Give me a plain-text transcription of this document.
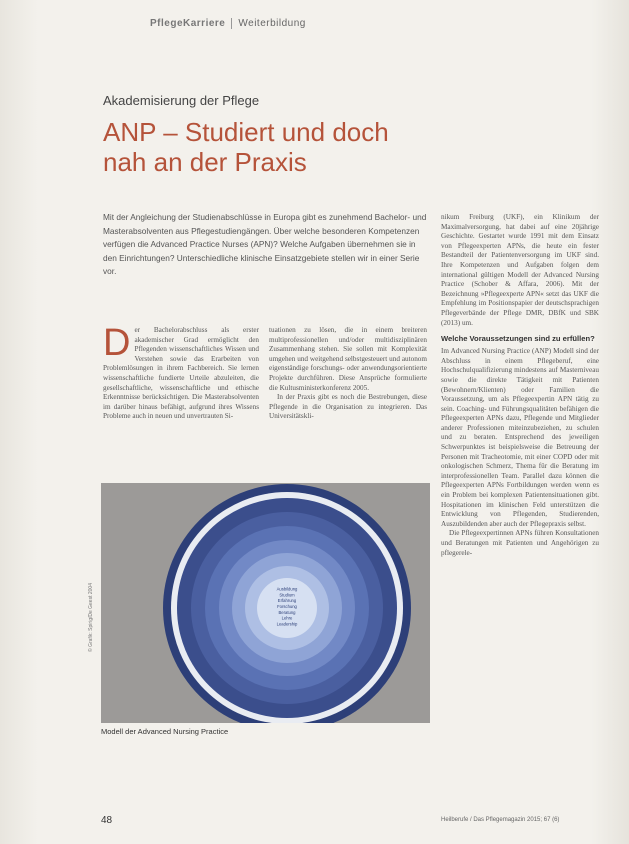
PflegeKarriere Weiterbildung
Akademisierung der Pflege
ANP – Studiert und doch nah an der Praxis
Mit der Angleichung der Studienabschlüsse in Europa gibt es zunehmend Bachelor- und Masterabsolventen aus Pflegestudiengängen. Über welche besonderen Kompetenzen verfügen die Advanced Practice Nurses (APN)? Welche Aufgaben übernehmen sie in den Einrichtungen? Unterschiedliche klinische Einsatzgebiete stellen wir in einer Serie vor.
Der Bachelorabschluss als erster akademischer Grad ermöglicht den Pflegenden wissenschaftliches Wissen und Verstehen sowie das Erarbeiten von Problemlösungen in ihrem Fachbereich. Sie lernen wissenschaftliche fundierte Urteile abzuleiten, die gesellschaftliche, wissenschaftliche und ethische Erkenntnisse berücksichtigen. Die Masterabsolventen im darüber hinaus befähigt, aufgrund ihres Wissens Probleme auch in neuen und unvertrauten Si-
tuationen zu lösen, die in einem breiteren multiprofessionellen und/oder multidisziplinären Zusammenhang stehen. Sie sollen mit Komplexität umgehen und weitgehend selbstgesteuert und autonom eigenständige forschungs- oder anwendungsorientierte Projekte durchführen. Diese Ansprüche formulierte die Kultusministerkonferenz 2005.
In der Praxis gibt es noch die Bestrebungen, diese Pflegende in die Organisation zu integrieren. Das Universitätskli-
nikum Freiburg (UKF), ein Klinikum der Maximalversorgung, hat dabei auf eine 20jährige Geschichte. Gestartet wurde 1991 mit dem Einsatz von Pflegeexperten APNs, die heute ein fester Bestandteil der Patientenversorgung im UKF sind. Ihre Kompetenzen und Aufgaben folgen dem international gültigen Modell der Advanced Nursing Practice (Schober & Affara, 2006). Mit der Bezeichnung »Pflegeexperte APN« setzt das UKF die Empfehlung im Positionspapier der deutschsprachigen Pflegeverbände der Pflege DMR, DBfK und SBK (2013) um.
Welche Voraussetzungen sind zu erfüllen?
Im Advanced Nursing Practice (ANP) Modell sind der Abschluss in einem Pflegeberuf, eine Hochschulqualifizierung mindestens auf Masterniveau sowie die direkte Tätigkeit mit Patienten (Bewohnern/Klienten) oder Familien die Voraussetzung, um als Pflegeexpertin APN tätig zu sein. Coaching- und Führungsqualitäten befähigen die Pflegeexperten APNs dazu, Pflegende und Mitglieder anderer Professionen miteinzubeziehen, zu schulen und zu beraten. Entsprechend des jeweiligen Schwerpunktes ist beispielsweise die Betreuung der Personen mit Tracheotomie, mit einer COPD oder mit onkologischen Schmerz, Thema für die Beratung im interprofessionellen Team. Parallel dazu können die Pflegeexperten APNs Fortbildungen werden wenn es ein Problem bei komplexen Patientensituationen gibt. Hospitationen im klinischen Feld unterstützen die Entwicklung von Pflegenden, Studierenden, Auszubildenden aber auch der Pflegepraxis selbst.
Die Pflegeexpertinnen APNs führen Konsultationen und Beratungen mit Patienten und Angehörigen zu pflegerele-
Ausbildung
Studium
Erfahrung
Forschung
Beratung
Lehre
Leadership
© Grafik: Spirig/De Geest 2004
Modell der Advanced Nursing Practice
48	Heilberufe / Das Pflegemagazin 2015; 67 (6)
